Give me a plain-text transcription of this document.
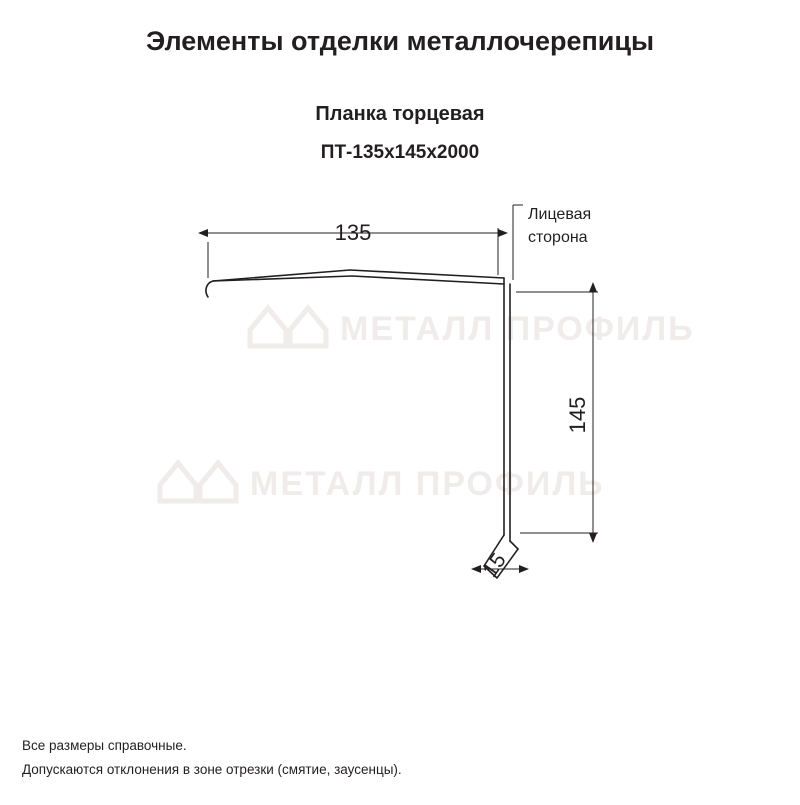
МЕТАЛЛ ПРОФИЛЬ
МЕТАЛЛ ПРОФИЛЬ
Элементы отделки металлочерепицы
Планка торцевая
ПТ-135x145x2000
135
145
15
Лицевая
сторона
Все размеры справочные.
Допускаются отклонения в зоне отрезки (смятие, заусенцы).
